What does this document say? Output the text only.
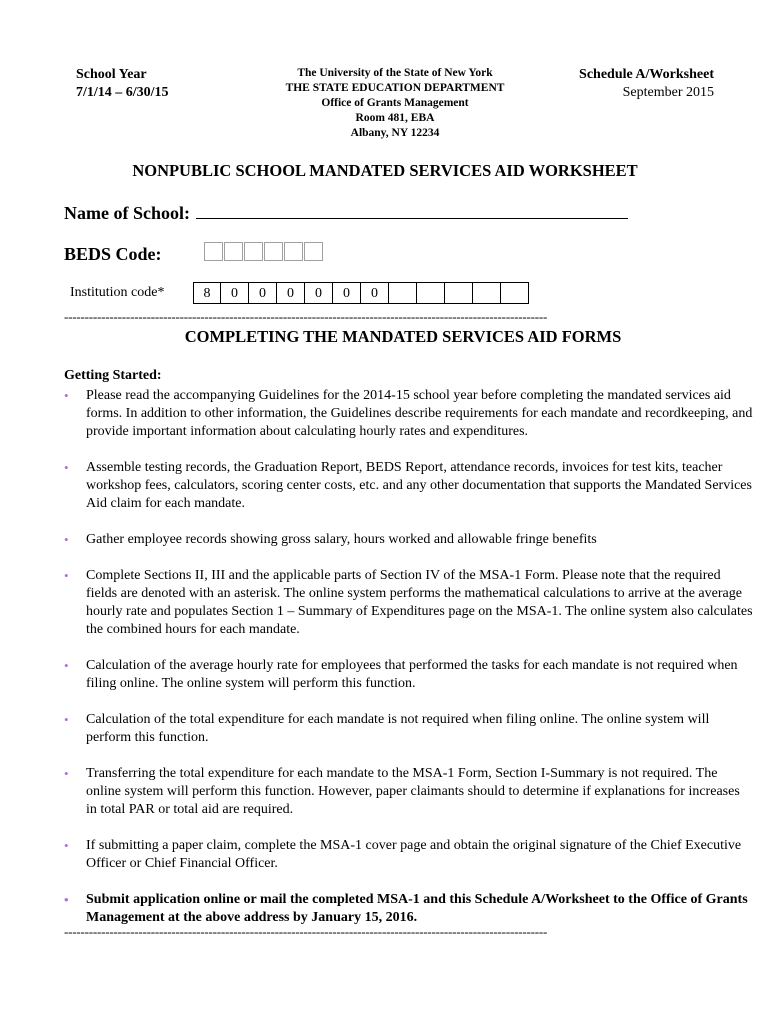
School Year
7/1/14 – 6/30/15
The University of the State of New York
THE STATE EDUCATION DEPARTMENT
Office of Grants Management
Room 481, EBA
Albany, NY 12234
Schedule A/Worksheet
September 2015
NONPUBLIC SCHOOL MANDATED SERVICES AID WORKSHEET
Name of School:
BEDS Code:
Institution code*	8	0	0	0	0	0	0
---------------------------------------------------------------------------------------------------------------------
COMPLETING THE MANDATED SERVICES AID FORMS
Getting Started:
• Please read the accompanying Guidelines for the 2014-15 school year before completing the mandated services aid forms. In addition to other information, the Guidelines describe requirements for each mandate and recordkeeping, and provide important information about calculating hourly rates and expenditures.
• Assemble testing records, the Graduation Report, BEDS Report, attendance records, invoices for test kits, teacher workshop fees, calculators, scoring center costs, etc. and any other documentation that supports the Mandated Services Aid claim for each mandate.
• Gather employee records showing gross salary, hours worked and allowable fringe benefits
• Complete Sections II, III and the applicable parts of Section IV of the MSA-1 Form. Please note that the required fields are denoted with an asterisk. The online system performs the mathematical calculations to arrive at the average hourly rate and populates Section 1 – Summary of Expenditures page on the MSA-1. The online system also calculates the combined hours for each mandate.
• Calculation of the average hourly rate for employees that performed the tasks for each mandate is not required when filing online. The online system will perform this function.
• Calculation of the total expenditure for each mandate is not required when filing online. The online system will perform this function.
• Transferring the total expenditure for each mandate to the MSA-1 Form, Section I-Summary is not required. The online system will perform this function. However, paper claimants should to determine if explanations for increases in total PAR or total aid are required.
• If submitting a paper claim, complete the MSA-1 cover page and obtain the original signature of the Chief Executive Officer or Chief Financial Officer.
• Submit application online or mail the completed MSA-1 and this Schedule A/Worksheet to the Office of Grants Management at the above address by January 15, 2016.
---------------------------------------------------------------------------------------------------------------------
